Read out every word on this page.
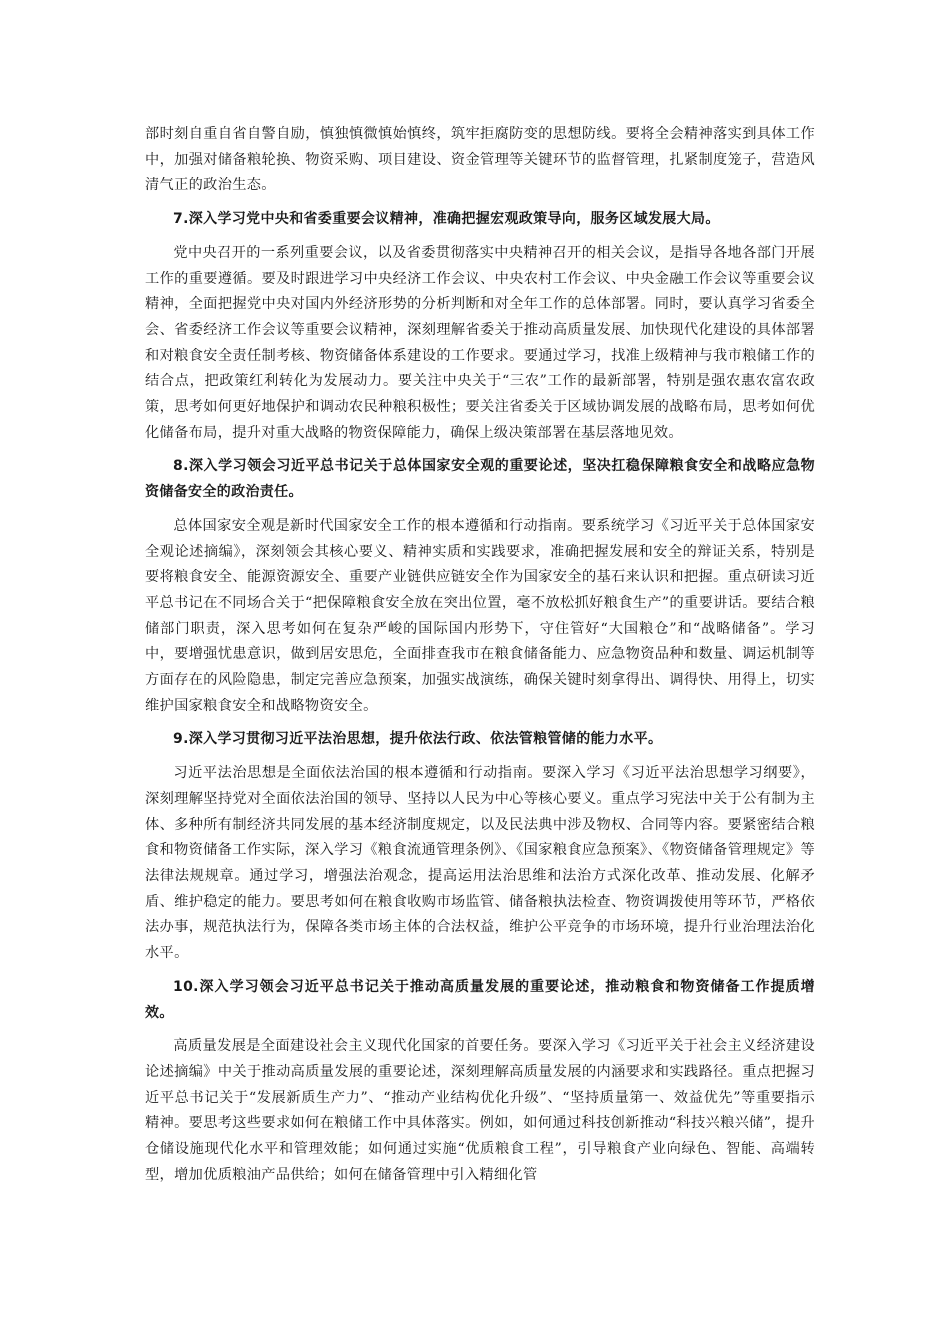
部时刻自重自省自警自励，慎独慎微慎始慎终，筑牢拒腐防变的思想防线。要将全会精神落实到具体工作中，加强对储备粮轮换、物资采购、项目建设、资金管理等关键环节的监督管理，扎紧制度笼子，营造风清气正的政治生态。

7.深入学习党中央和省委重要会议精神，准确把握宏观政策导向，服务区域发展大局。

党中央召开的一系列重要会议，以及省委贯彻落实中央精神召开的相关会议，是指导各地各部门开展工作的重要遵循。要及时跟进学习中央经济工作会议、中央农村工作会议、中央金融工作会议等重要会议精神，全面把握党中央对国内外经济形势的分析判断和对全年工作的总体部署。同时，要认真学习省委全会、省委经济工作会议等重要会议精神，深刻理解省委关于推动高质量发展、加快现代化建设的具体部署和对粮食安全责任制考核、物资储备体系建设的工作要求。要通过学习，找准上级精神与我市粮储工作的结合点，把政策红利转化为发展动力。要关注中央关于“三农”工作的最新部署，特别是强农惠农富农政策，思考如何更好地保护和调动农民种粮积极性；要关注省委关于区域协调发展的战略布局，思考如何优化储备布局，提升对重大战略的物资保障能力，确保上级决策部署在基层落地见效。

8.深入学习领会习近平总书记关于总体国家安全观的重要论述，坚决扛稳保障粮食安全和战略应急物资储备安全的政治责任。

总体国家安全观是新时代国家安全工作的根本遵循和行动指南。要系统学习《习近平关于总体国家安全观论述摘编》，深刻领会其核心要义、精神实质和实践要求，准确把握发展和安全的辩证关系，特别是要将粮食安全、能源资源安全、重要产业链供应链安全作为国家安全的基石来认识和把握。重点研读习近平总书记在不同场合关于“把保障粮食安全放在突出位置，毫不放松抓好粮食生产”的重要讲话。要结合粮储部门职责，深入思考如何在复杂严峻的国际国内形势下，守住管好“大国粮仓”和“战略储备”。学习中，要增强忧患意识，做到居安思危，全面排查我市在粮食储备能力、应急物资品种和数量、调运机制等方面存在的风险隐患，制定完善应急预案，加强实战演练，确保关键时刻拿得出、调得快、用得上，切实维护国家粮食安全和战略物资安全。

9.深入学习贯彻习近平法治思想，提升依法行政、依法管粮管储的能力水平。

习近平法治思想是全面依法治国的根本遵循和行动指南。要深入学习《习近平法治思想学习纲要》，深刻理解坚持党对全面依法治国的领导、坚持以人民为中心等核心要义。重点学习宪法中关于公有制为主体、多种所有制经济共同发展的基本经济制度规定，以及民法典中涉及物权、合同等内容。要紧密结合粮食和物资储备工作实际，深入学习《粮食流通管理条例》、《国家粮食应急预案》、《物资储备管理规定》等法律法规规章。通过学习，增强法治观念，提高运用法治思维和法治方式深化改革、推动发展、化解矛盾、维护稳定的能力。要思考如何在粮食收购市场监管、储备粮执法检查、物资调拨使用等环节，严格依法办事，规范执法行为，保障各类市场主体的合法权益，维护公平竞争的市场环境，提升行业治理法治化水平。

10.深入学习领会习近平总书记关于推动高质量发展的重要论述，推动粮食和物资储备工作提质增效。

高质量发展是全面建设社会主义现代化国家的首要任务。要深入学习《习近平关于社会主义经济建设论述摘编》中关于推动高质量发展的重要论述，深刻理解高质量发展的内涵要求和实践路径。重点把握习近平总书记关于“发展新质生产力”、“推动产业结构优化升级”、“坚持质量第一、效益优先”等重要指示精神。要思考这些要求如何在粮储工作中具体落实。例如，如何通过科技创新推动“科技兴粮兴储”，提升仓储设施现代化水平和管理效能；如何通过实施“优质粮食工程”，引导粮食产业向绿色、智能、高端转型，增加优质粮油产品供给；如何在储备管理中引入精细化管
